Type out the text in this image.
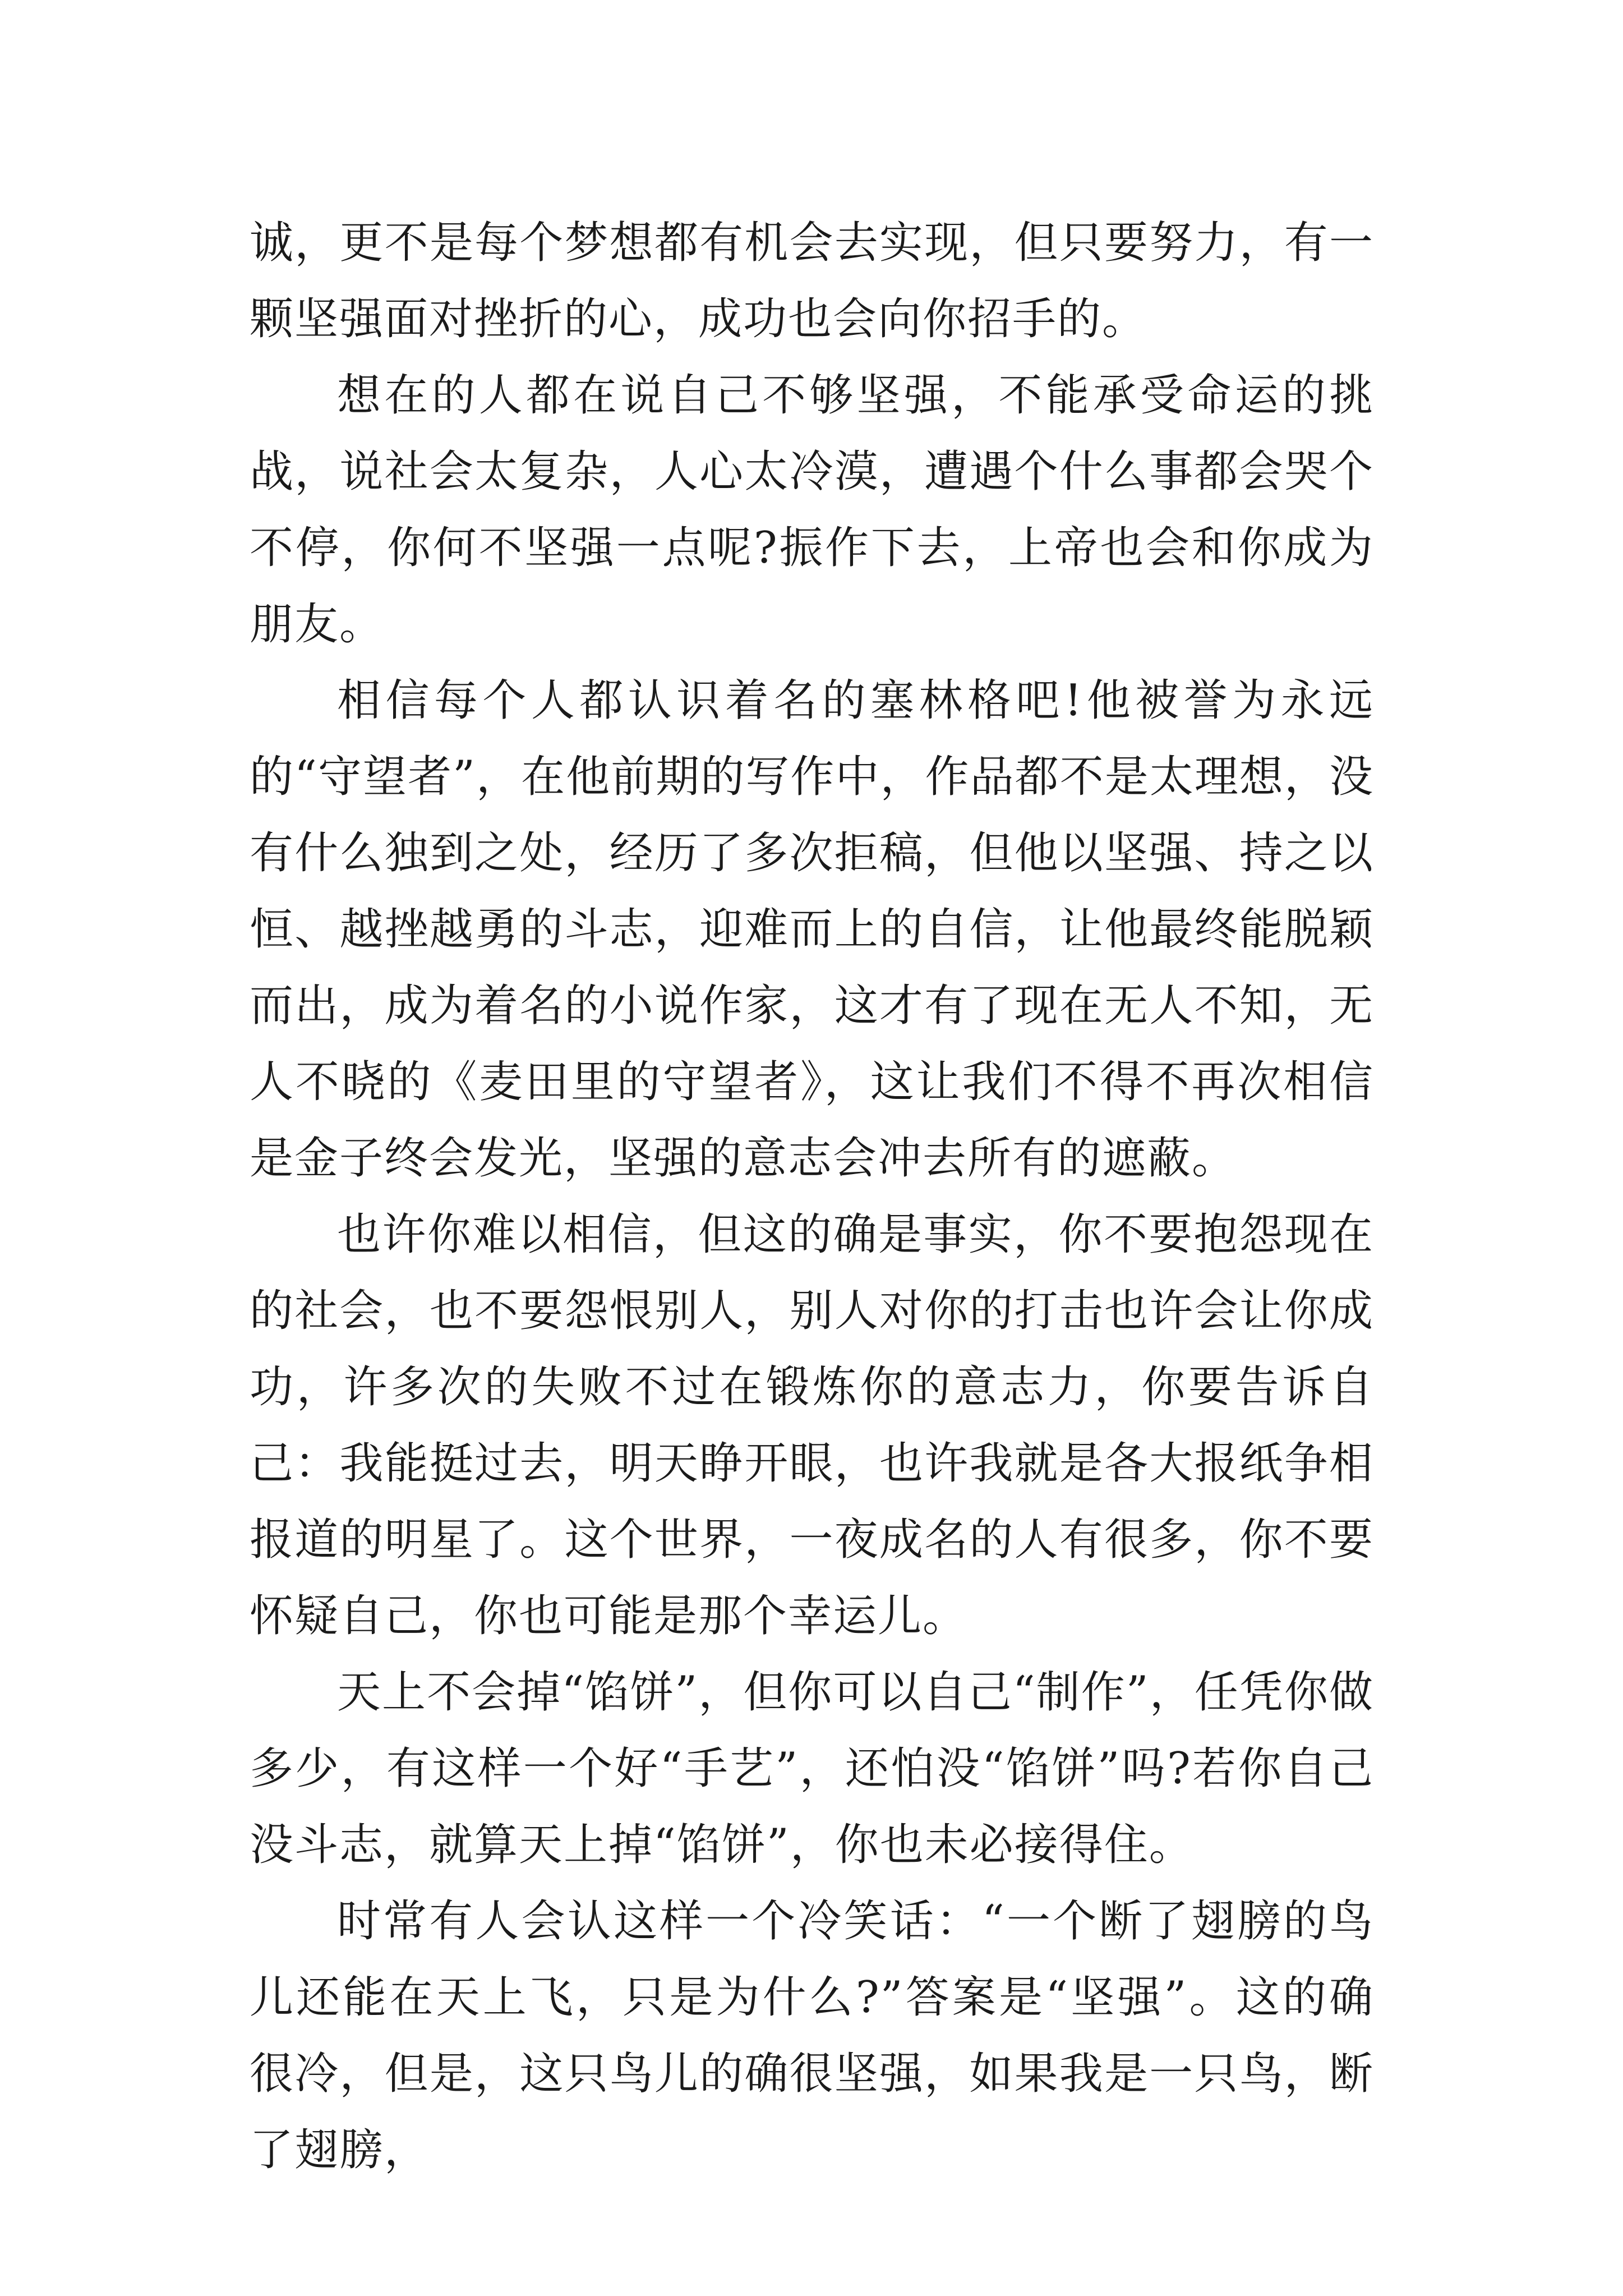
诚，更不是每个梦想都有机会去实现，但只要努力，有一颗坚强面对挫折的心，成功也会向你招手的。

想在的人都在说自己不够坚强，不能承受命运的挑战，说社会太复杂，人心太冷漠，遭遇个什么事都会哭个不停，你何不坚强一点呢?振作下去，上帝也会和你成为朋友。

相信每个人都认识着名的塞林格吧!他被誉为永远的“守望者”，在他前期的写作中，作品都不是太理想，没有什么独到之处，经历了多次拒稿，但他以坚强、持之以恒、越挫越勇的斗志，迎难而上的自信，让他最终能脱颖而出，成为着名的小说作家，这才有了现在无人不知，无人不晓的《麦田里的守望者》，这让我们不得不再次相信是金子终会发光，坚强的意志会冲去所有的遮蔽。

也许你难以相信，但这的确是事实，你不要抱怨现在的社会，也不要怨恨别人，别人对你的打击也许会让你成功，许多次的失败不过在锻炼你的意志力，你要告诉自己：我能挺过去，明天睁开眼，也许我就是各大报纸争相报道的明星了。这个世界，一夜成名的人有很多，你不要怀疑自己，你也可能是那个幸运儿。

天上不会掉“馅饼”，但你可以自己“制作”，任凭你做多少，有这样一个好“手艺”，还怕没“馅饼”吗?若你自己没斗志，就算天上掉“馅饼”，你也未必接得住。

时常有人会认这样一个冷笑话：“一个断了翅膀的鸟儿还能在天上飞，只是为什么?”答案是“坚强”。这的确很冷，但是，这只鸟儿的确很坚强，如果我是一只鸟，断了翅膀，
